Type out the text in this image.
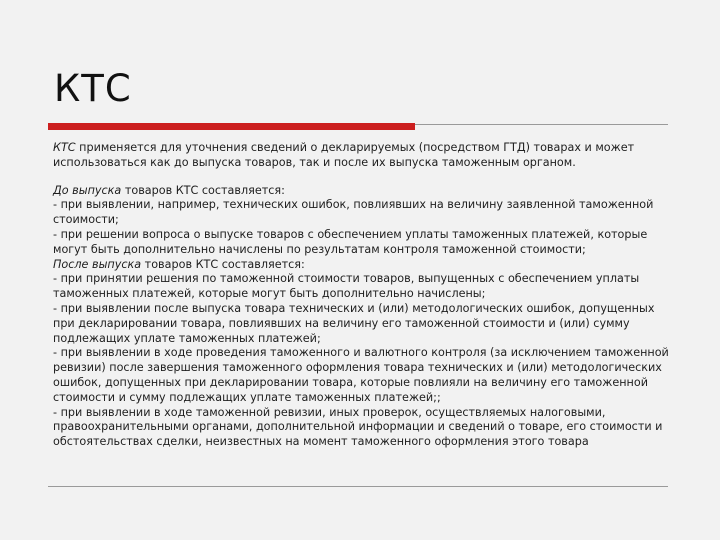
КТС

КТС применяется для уточнения сведений о декларируемых (посредством ГТД) товарах и может использоваться как до выпуска товаров, так и после их выпуска таможенным органом.

До выпуска товаров КТС составляется:

- при выявлении, например, технических ошибок, повлиявших на величину заявленной таможенной стоимости;

- при решении вопроса о выпуске товаров с обеспечением уплаты таможенных платежей, которые могут быть дополнительно начислены по результатам контроля таможенной стоимости;

После выпуска товаров КТС составляется:

- при принятии решения по таможенной стоимости товаров, выпущенных с обеспечением уплаты таможенных платежей, которые могут быть дополнительно начислены;

- при выявлении после выпуска товара технических и (или) методологических ошибок, допущенных при декларировании товара, повлиявших на величину его таможенной стоимости и (или) сумму подлежащих уплате таможенных платежей;

- при выявлении в ходе проведения таможенного и валютного контроля (за исключением таможенной ревизии) после завершения таможенного оформления товара технических и (или) методологических ошибок, допущенных при декларировании товара, которые повлияли на величину его таможенной стоимости и сумму подлежащих уплате таможенных платежей;;

- при выявлении в ходе таможенной ревизии, иных проверок, осуществляемых налоговыми, правоохранительными органами, дополнительной информации и сведений о товаре, его стоимости и обстоятельствах сделки, неизвестных на момент таможенного оформления этого товара
